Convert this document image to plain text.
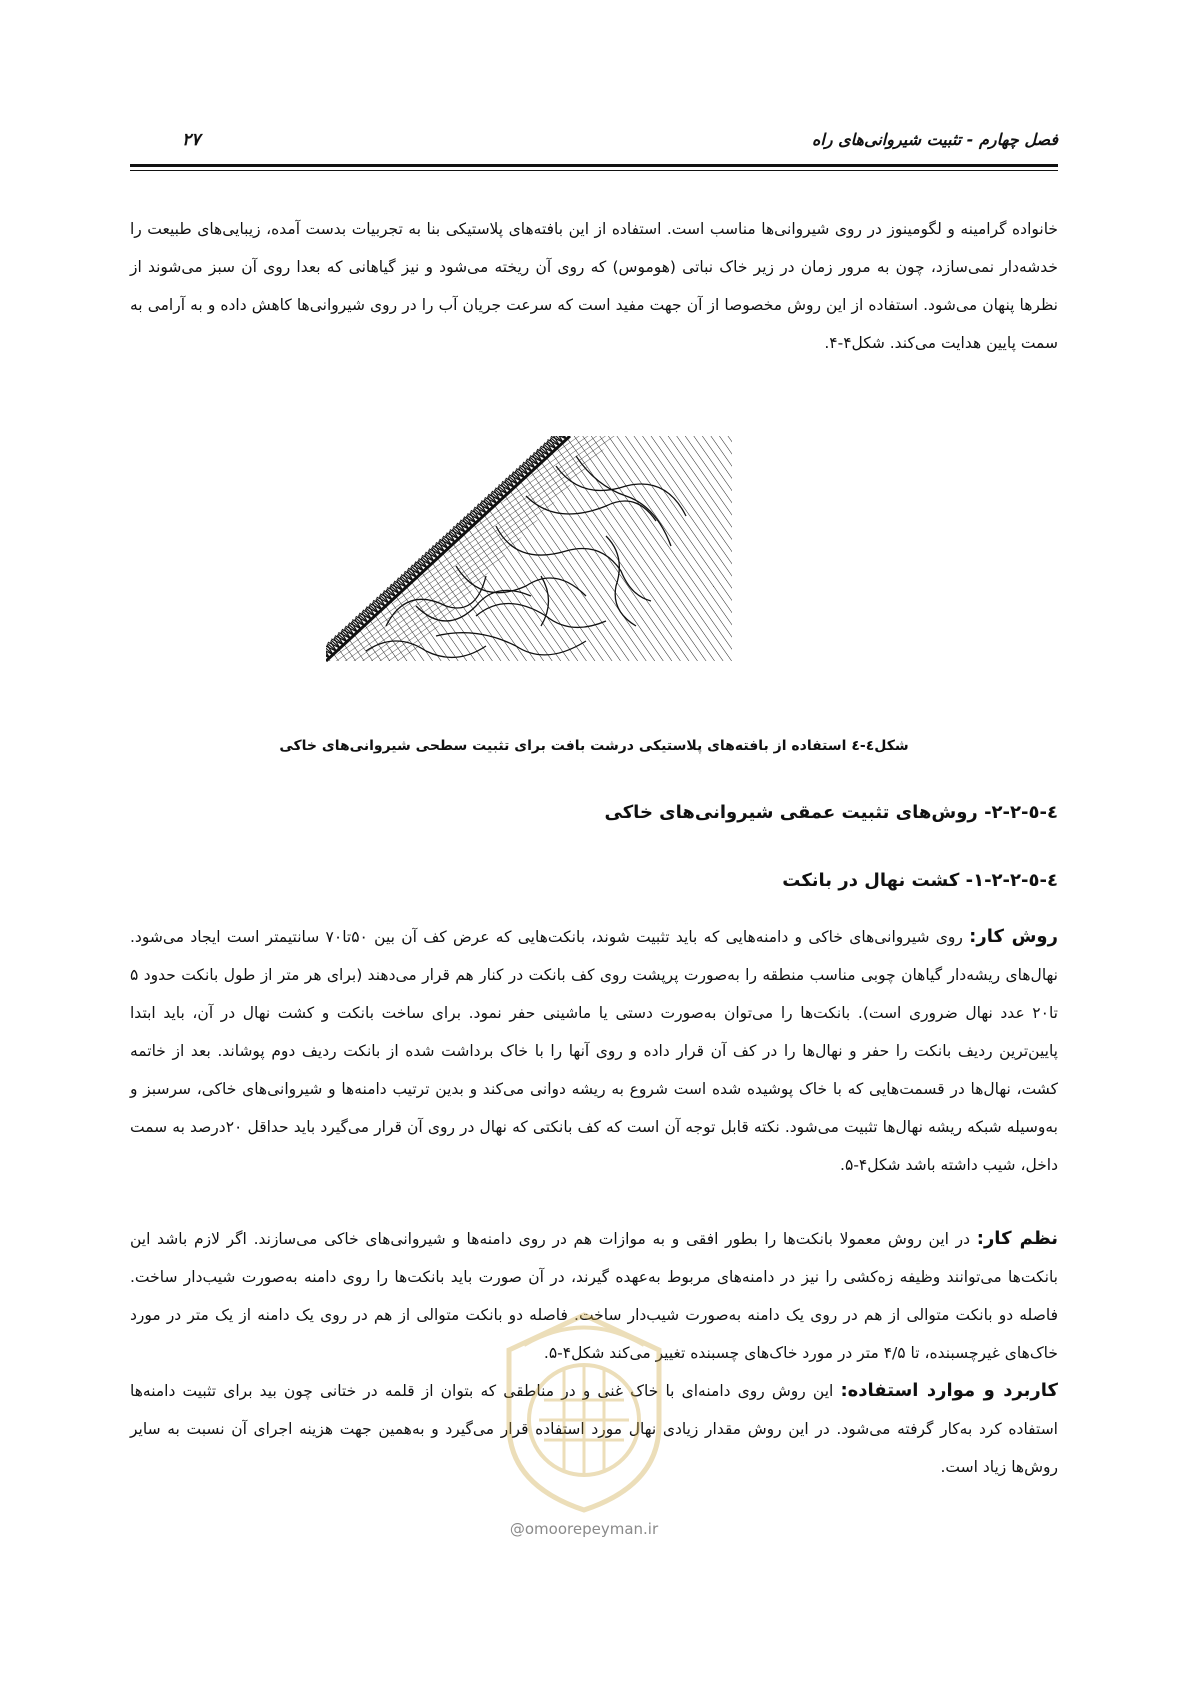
فصل چهارم - تثبیت شیروانی‌های راه
۲۷

خانواده گرامینه و لگومینوز در روی شیروانی‌ها مناسب است. استفاده از این بافته‌های پلاستیکی بنا به تجربیات بدست آمده، زیبایی‌های طبیعت را خدشه‌دار نمی‌سازد، چون به مرور زمان در زیر خاک نباتی (هوموس) که روی آن ریخته می‌شود و نیز گیاهانی که بعدا روی آن سبز می‌شوند از نظرها پنهان می‌شود. استفاده از این روش مخصوصا از آن جهت مفید است که سرعت جریان آب را در روی شیروانی‌ها کاهش داده و به آرامی به سمت پایین هدایت می‌کند. شکل۴-۴.

شکل٤-٤ استفاده از بافته‌های پلاستیکی درشت بافت برای تثبیت سطحی شیروانی‌های خاکی
٤-٥-٢-٢- روش‌های تثبیت عمقی شیروانی‌های خاکی
٤-٥-٢-٢-١- کشت نهال در بانکت

روش کار: روی شیروانی‌های خاکی و دامنه‌هایی که باید تثبیت شوند، بانکت‌هایی که عرض کف آن بین ۵۰تا۷۰ سانتیمتر است ایجاد می‌شود. نهال‌های ریشه‌دار گیاهان چوبی مناسب منطقه را به‌صورت پرپشت روی کف بانکت در کنار هم قرار می‌دهند (برای هر متر از طول بانکت حدود ۵ تا۲۰ عدد نهال ضروری است). بانکت‌ها را می‌توان به‌صورت دستی یا ماشینی حفر نمود. برای ساخت بانکت و کشت نهال در آن، باید ابتدا پایین‌ترین ردیف بانکت را حفر و نهال‌ها را در کف آن قرار داده و روی آنها را با خاک برداشت شده از بانکت ردیف دوم پوشاند. بعد از خاتمه کشت، نهال‌ها در قسمت‌هایی که با خاک پوشیده شده است شروع به ریشه دوانی می‌کند و بدین ترتیب دامنه‌ها و شیروانی‌های خاکی، سرسبز و به‌وسیله شبکه ریشه نهال‌ها تثبیت می‌شود. نکته قابل توجه آن است که کف بانکتی که نهال در روی آن قرار می‌گیرد باید حداقل ۲۰درصد به سمت داخل، شیب داشته باشد شکل۴-۵.

نظم کار: در این روش معمولا بانکت‌ها را بطور افقی و به موازات هم در روی دامنه‌ها و شیروانی‌های خاکی می‌سازند. اگر لازم باشد این بانکت‌ها می‌توانند وظیفه زه‌کشی را نیز در دامنه‌های مربوط به‌عهده گیرند، در آن صورت باید بانکت‌ها را روی دامنه به‌صورت شیب‌دار ساخت. فاصله دو بانکت متوالی از هم در روی یک دامنه به‌صورت شیب‌دار ساخت. فاصله دو بانکت متوالی از هم در روی یک دامنه از یک متر در مورد خاک‌های غیرچسبنده، تا ۴/۵ متر در مورد خاک‌های چسبنده تغییر می‌کند شکل۴-۵.

کاربرد و موارد استفاده: این روش روی دامنه‌ای با خاک غنی و در مناطقی که بتوان از قلمه در ختانی چون بید برای تثبیت دامنه‌ها استفاده کرد به‌کار گرفته می‌شود. در این روش مقدار زیادی نهال مورد استفاده قرار می‌گیرد و به‌همین جهت هزینه اجرای آن نسبت به سایر روش‌ها زیاد است.

@omoorepeyman.ir
